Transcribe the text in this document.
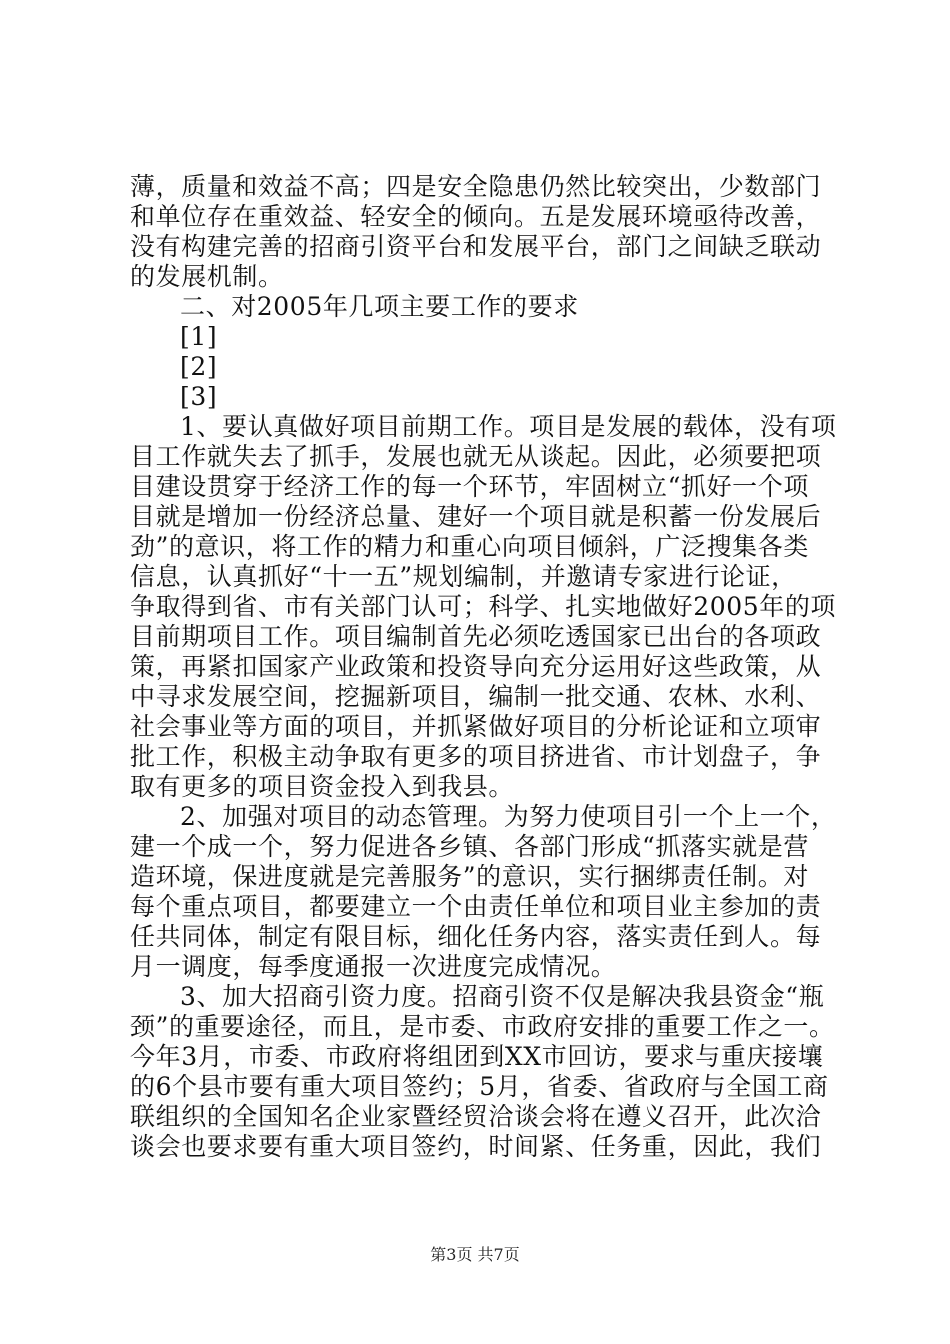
薄，质量和效益不高；四是安全隐患仍然比较突出，少数部门
和单位存在重效益、轻安全的倾向。五是发展环境亟待改善，
没有构建完善的招商引资平台和发展平台，部门之间缺乏联动
的发展机制。
二、对2005年几项主要工作的要求
[1]
[2]
[3]
1、要认真做好项目前期工作。项目是发展的载体，没有项
目工作就失去了抓手，发展也就无从谈起。因此，必须要把项
目建设贯穿于经济工作的每一个环节，牢固树立“抓好一个项
目就是增加一份经济总量、建好一个项目就是积蓄一份发展后
劲”的意识，将工作的精力和重心向项目倾斜，广泛搜集各类
信息，认真抓好“十一五”规划编制，并邀请专家进行论证，
争取得到省、市有关部门认可；科学、扎实地做好2005年的项
目前期项目工作。项目编制首先必须吃透国家已出台的各项政
策，再紧扣国家产业政策和投资导向充分运用好这些政策，从
中寻求发展空间，挖掘新项目，编制一批交通、农林、水利、
社会事业等方面的项目，并抓紧做好项目的分析论证和立项审
批工作，积极主动争取有更多的项目挤进省、市计划盘子，争
取有更多的项目资金投入到我县。
2、加强对项目的动态管理。为努力使项目引一个上一个，
建一个成一个，努力促进各乡镇、各部门形成“抓落实就是营
造环境，保进度就是完善服务”的意识，实行捆绑责任制。对
每个重点项目，都要建立一个由责任单位和项目业主参加的责
任共同体，制定有限目标，细化任务内容，落实责任到人。每
月一调度，每季度通报一次进度完成情况。
3、加大招商引资力度。招商引资不仅是解决我县资金“瓶
颈”的重要途径，而且，是市委、市政府安排的重要工作之一。
今年3月，市委、市政府将组团到XX市回访，要求与重庆接壤
的6个县市要有重大项目签约；5月，省委、省政府与全国工商
联组织的全国知名企业家暨经贸洽谈会将在遵义召开，此次洽
谈会也要求要有重大项目签约，时间紧、任务重，因此，我们
第3页 共7页
